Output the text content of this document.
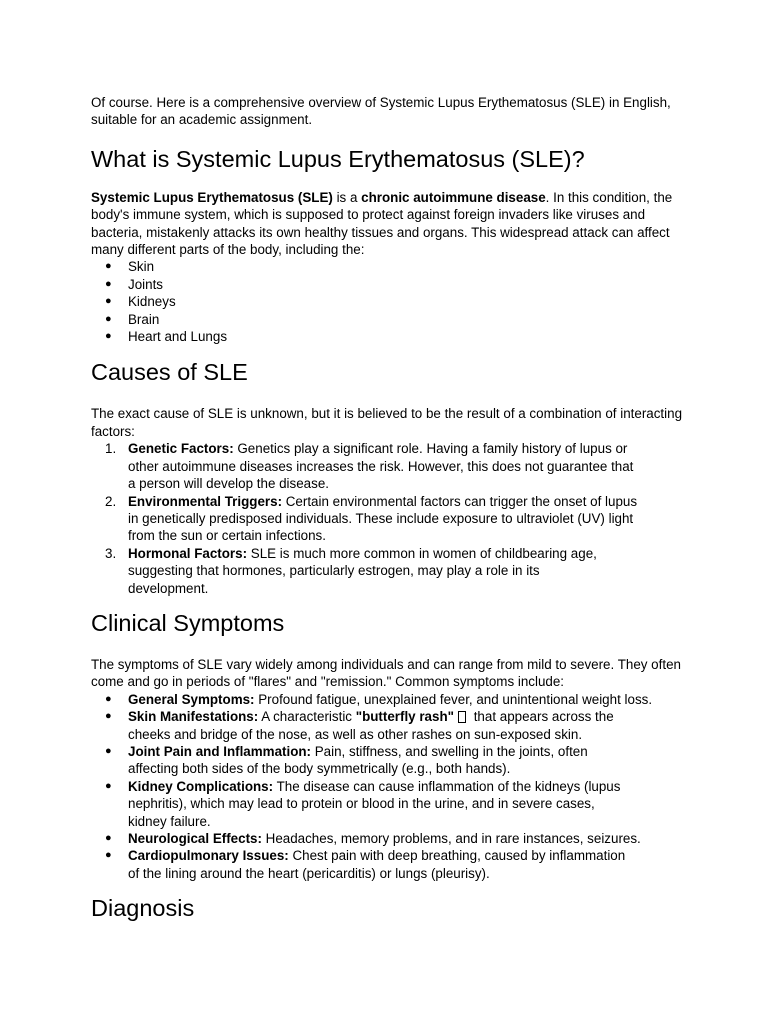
Of course. Here is a comprehensive overview of Systemic Lupus Erythematosus (SLE) in English, suitable for an academic assignment.

What is Systemic Lupus Erythematosus (SLE)?

Systemic Lupus Erythematosus (SLE) is a chronic autoimmune disease. In this condition, the body's immune system, which is supposed to protect against foreign invaders like viruses and bacteria, mistakenly attacks its own healthy tissues and organs. This widespread attack can affect many different parts of the body, including the:

● Skin
● Joints
● Kidneys
● Brain
● Heart and Lungs
Causes of SLE

The exact cause of SLE is unknown, but it is believed to be the result of a combination of interacting factors:

1. Genetic Factors: Genetics play a significant role. Having a family history of lupus or
other autoimmune diseases increases the risk. However, this does not guarantee that
a person will develop the disease.
2. Environmental Triggers: Certain environmental factors can trigger the onset of lupus
in genetically predisposed individuals. These include exposure to ultraviolet (UV) light
from the sun or certain infections.
3. Hormonal Factors: SLE is much more common in women of childbearing age,
suggesting that hormones, particularly estrogen, may play a role in its
development.
Clinical Symptoms

The symptoms of SLE vary widely among individuals and can range from mild to severe. They often come and go in periods of "flares" and "remission." Common symptoms include:

● General Symptoms: Profound fatigue, unexplained fever, and unintentional weight loss.
● Skin Manifestations: A characteristic "butterfly rash" that appears across the
cheeks and bridge of the nose, as well as other rashes on sun-exposed skin.
● Joint Pain and Inflammation: Pain, stiffness, and swelling in the joints, often
affecting both sides of the body symmetrically (e.g., both hands).
● Kidney Complications: The disease can cause inflammation of the kidneys (lupus
nephritis), which may lead to protein or blood in the urine, and in severe cases,
kidney failure.
● Neurological Effects: Headaches, memory problems, and in rare instances, seizures.
● Cardiopulmonary Issues: Chest pain with deep breathing, caused by inflammation
of the lining around the heart (pericarditis) or lungs (pleurisy).
Diagnosis
